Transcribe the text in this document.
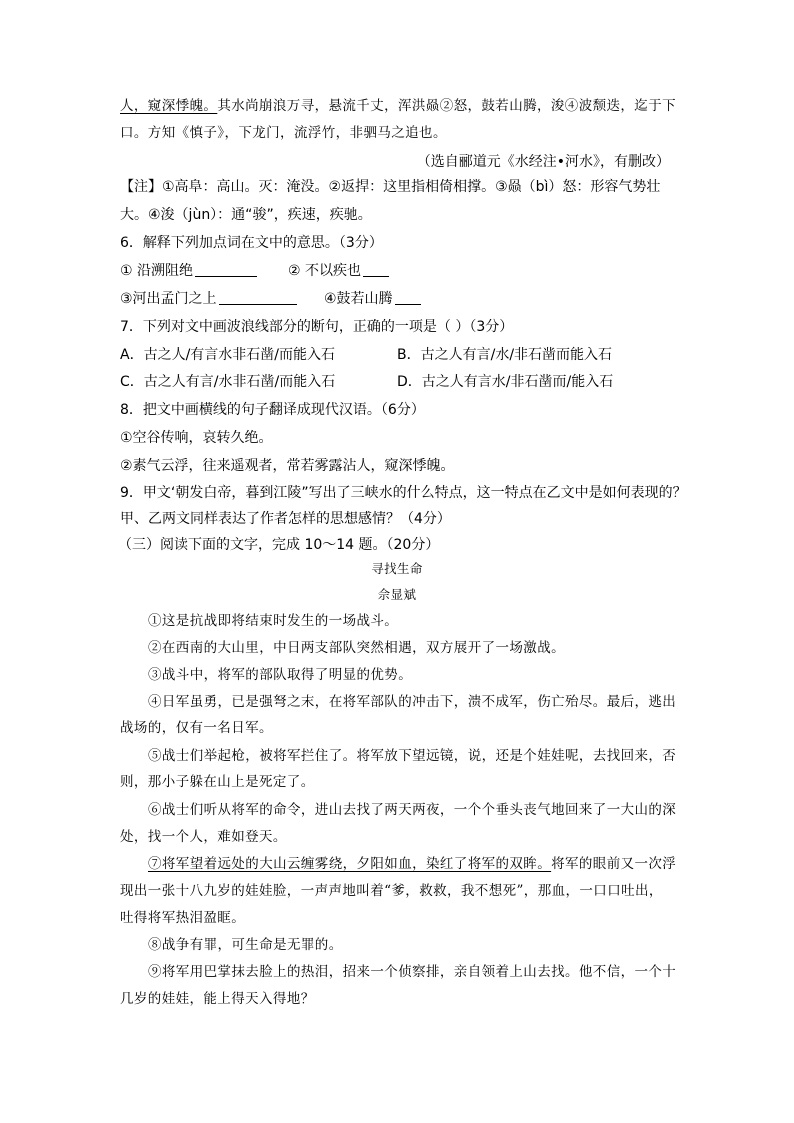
人，窥深悸魄。其水尚崩浪万寻，悬流千丈，浑洪赑②怒，鼓若山腾，浚④波颓迭，迄于下
口。方知《慎子》，下龙门，流浮竹，非驷马之追也。
（选自郦道元《水经注•河水》，有删改）
【注】①高阜：高山。灭：淹没。②返捍：这里指相倚相撑。③赑（bì）怒：形容气势壮
大。④浚（jùn）：通“骏”，疾速，疾驰。
6．解释下列加点词在文中的意思。（3分）
① 沿溯阻绝	② 不以疾也
③河出孟门之上	④鼓若山腾
7．下列对文中画波浪线部分的断句，正确的一项是（ ）（3分）
A．古之人/有言水非石凿/而能入石	B．古之人有言/水/非石凿而能入石
C．古之人有言/水非石凿/而能入石	D．古之人有言水/非石凿而/能入石
8．把文中画横线的句子翻译成现代汉语。（6分）
①空谷传响，哀转久绝。
②素气云浮，往来遥观者，常若雾露沾人，窥深悸魄。
9．甲文‘朝发白帝，暮到江陵”写出了三峡水的什么特点，这一特点在乙文中是如何表现的？
甲、乙两文同样表达了作者怎样的思想感情？（4分）
（三）阅读下面的文字，完成 10～14 题。（20分）
寻找生命
佘显斌
①这是抗战即将结束时发生的一场战斗。
②在西南的大山里，中日两支部队突然相遇，双方展开了一场激战。
③战斗中，将军的部队取得了明显的优势。
④日军虽勇，已是强弩之末，在将军部队的冲击下，溃不成军，伤亡殆尽。最后，逃出
战场的，仅有一名日军。
⑤战士们举起枪，被将军拦住了。将军放下望远镜，说，还是个娃娃呢，去找回来，否
则，那小子躲在山上是死定了。
⑥战士们听从将军的命令，进山去找了两天两夜，一个个垂头丧气地回来了一大山的深
处，找一个人，难如登天。
⑦将军望着远处的大山云缠雾绕，夕阳如血，染红了将军的双眸。将军的眼前又一次浮
现出一张十八九岁的娃娃脸，一声声地叫着“爹，救救，我不想死”，那血，一口口吐出，
吐得将军热泪盈眶。
⑧战争有罪，可生命是无罪的。
⑨将军用巴掌抹去脸上的热泪，招来一个侦察排，亲自领着上山去找。他不信，一个十
几岁的娃娃，能上得天入得地？
